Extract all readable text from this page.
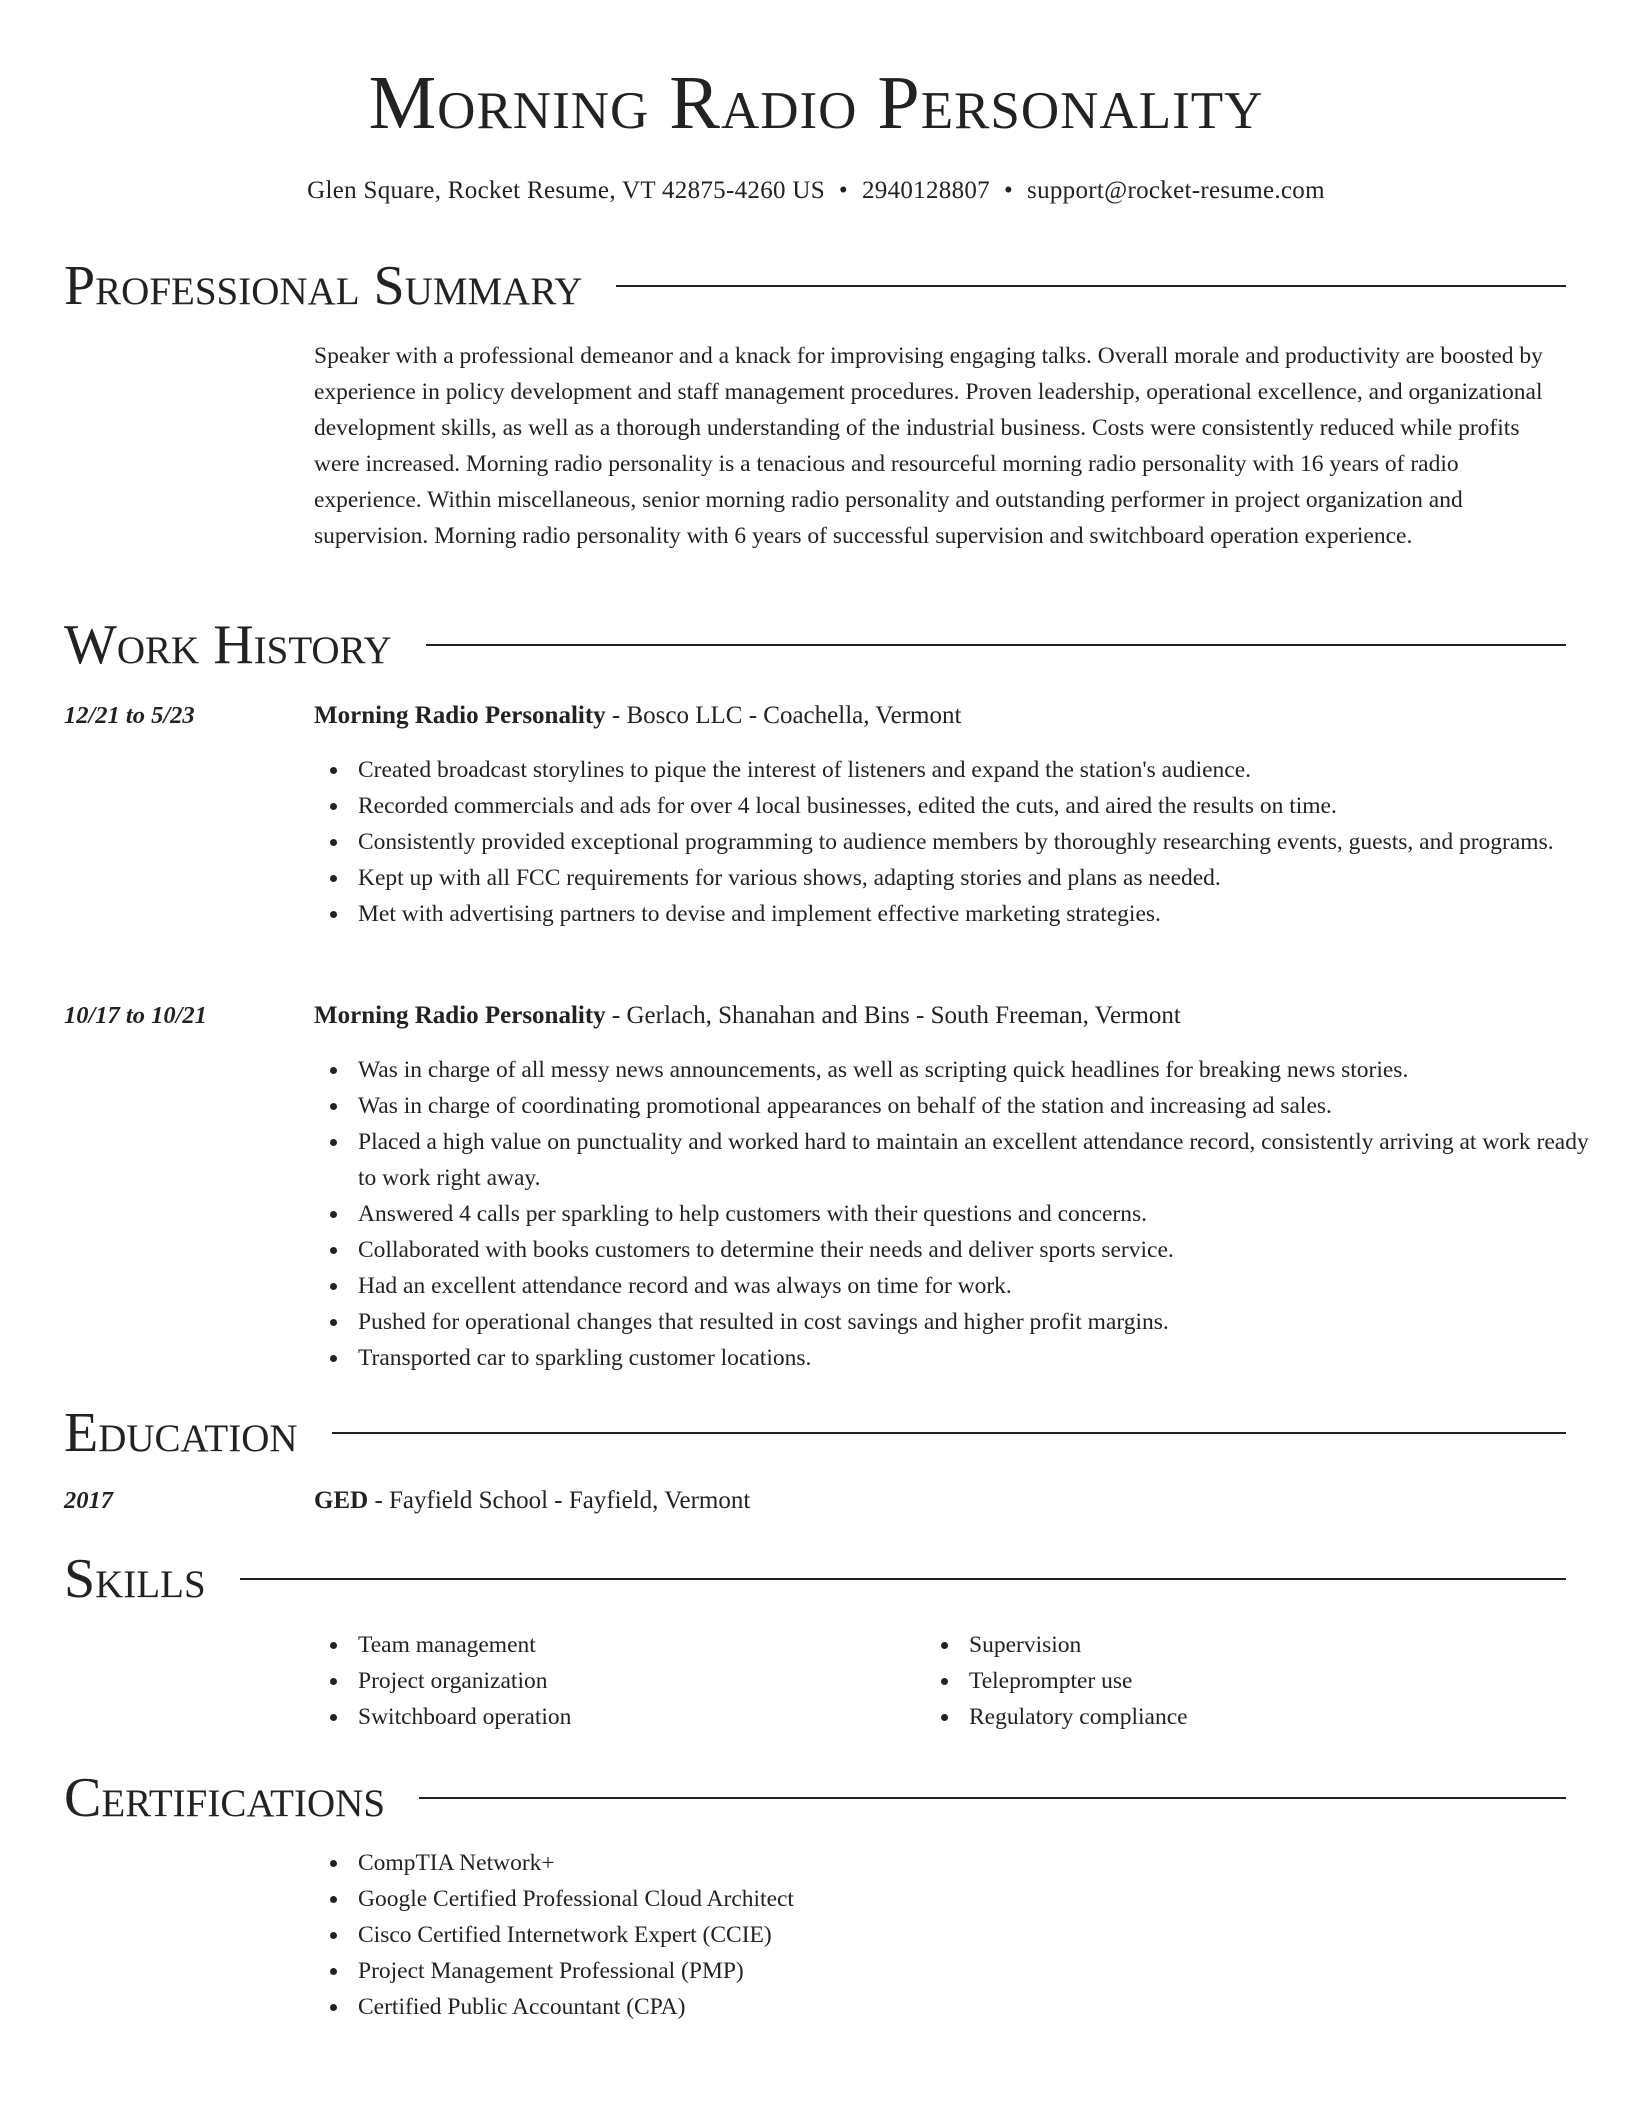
Morning Radio Personality
Glen Square, Rocket Resume, VT 42875-4260 US • 2940128807 • support@rocket-resume.com
Professional Summary

Speaker with a professional demeanor and a knack for improvising engaging talks. Overall morale and productivity are boosted by experience in policy development and staff management procedures. Proven leadership, operational excellence, and organizational development skills, as well as a thorough understanding of the industrial business. Costs were consistently reduced while profits were increased. Morning radio personality is a tenacious and resourceful morning radio personality with 16 years of radio experience. Within miscellaneous, senior morning radio personality and outstanding performer in project organization and supervision. Morning radio personality with 6 years of successful supervision and switchboard operation experience.

Work History
12/21 to 5/23	Morning Radio Personality - Bosco LLC - Coachella, Vermont
Created broadcast storylines to pique the interest of listeners and expand the station's audience.
Recorded commercials and ads for over 4 local businesses, edited the cuts, and aired the results on time.
Consistently provided exceptional programming to audience members by thoroughly researching events, guests, and programs.
Kept up with all FCC requirements for various shows, adapting stories and plans as needed.
Met with advertising partners to devise and implement effective marketing strategies.
10/17 to 10/21	Morning Radio Personality - Gerlach, Shanahan and Bins - South Freeman, Vermont
Was in charge of all messy news announcements, as well as scripting quick headlines for breaking news stories.
Was in charge of coordinating promotional appearances on behalf of the station and increasing ad sales.
Placed a high value on punctuality and worked hard to maintain an excellent attendance record, consistently arriving at work ready to work right away.
Answered 4 calls per sparkling to help customers with their questions and concerns.
Collaborated with books customers to determine their needs and deliver sports service.
Had an excellent attendance record and was always on time for work.
Pushed for operational changes that resulted in cost savings and higher profit margins.
Transported car to sparkling customer locations.
Education
2017	GED - Fayfield School - Fayfield, Vermont
Skills
Team management
Project organization
Switchboard operation
Supervision
Teleprompter use
Regulatory compliance
Certifications
CompTIA Network+
Google Certified Professional Cloud Architect
Cisco Certified Internetwork Expert (CCIE)
Project Management Professional (PMP)
Certified Public Accountant (CPA)
